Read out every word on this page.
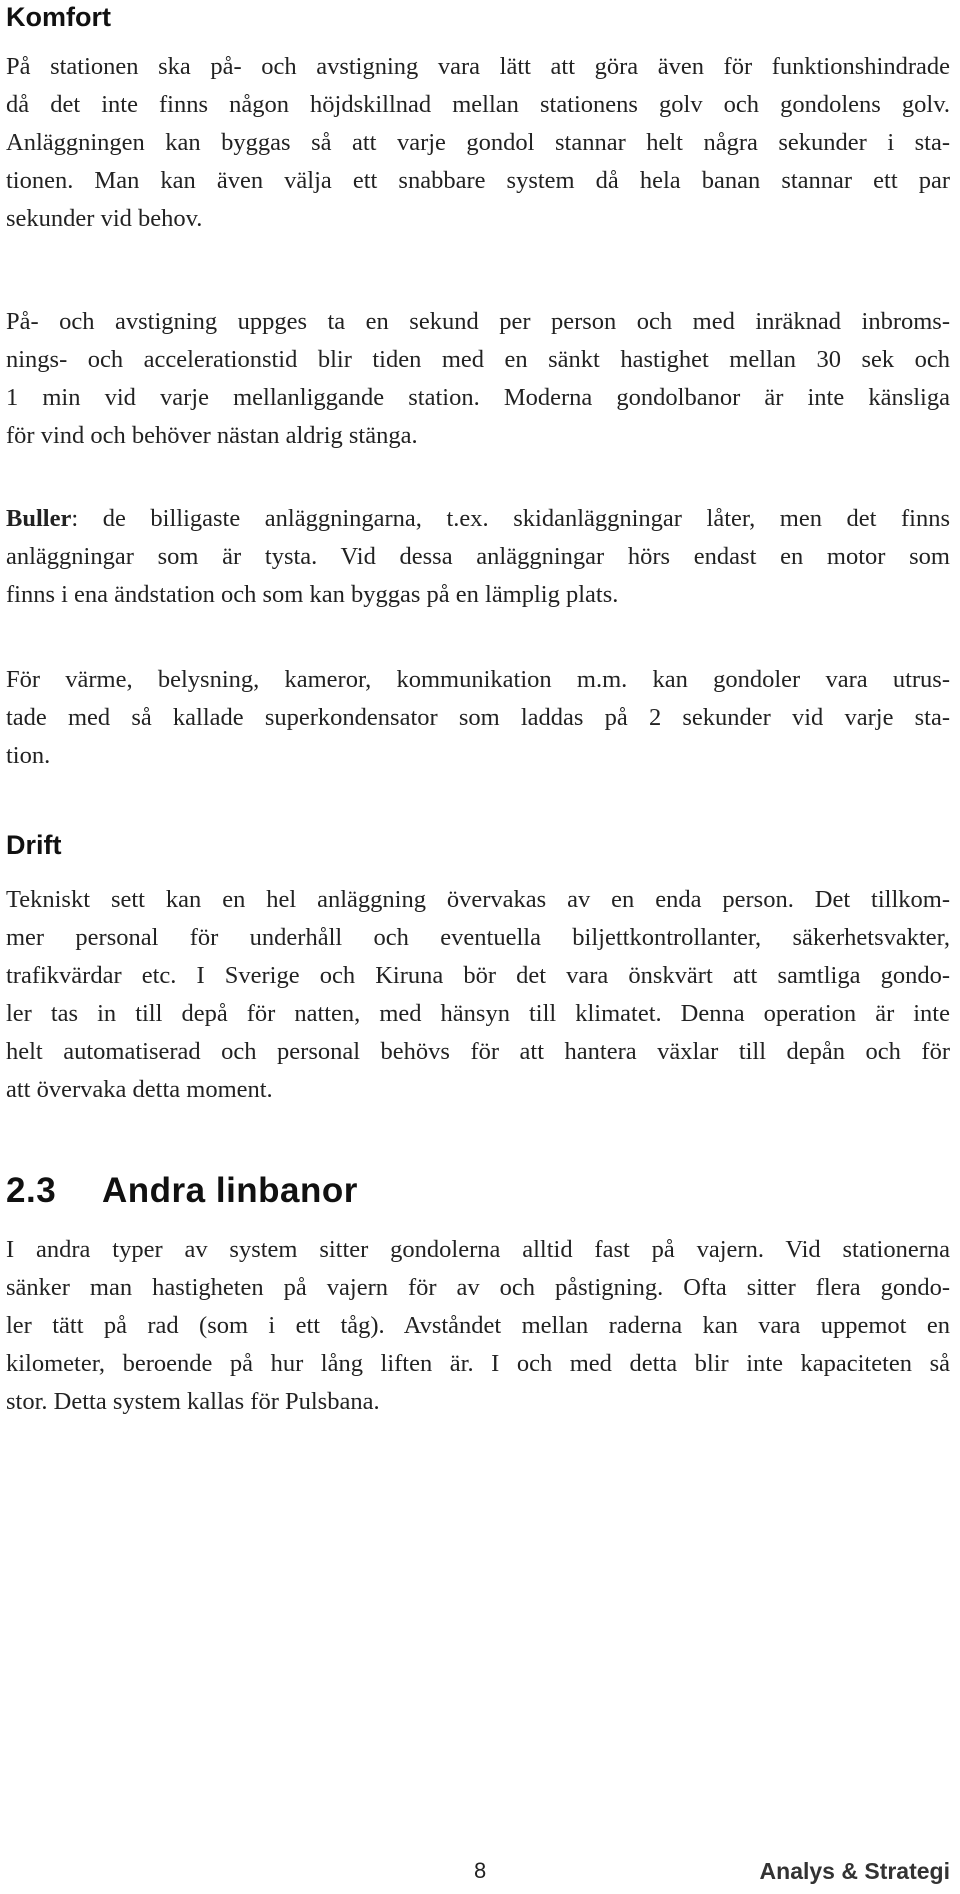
Komfort

På stationen ska på- och avstigning vara lätt att göra även för funktionshindrade
då det inte finns någon höjdskillnad mellan stationens golv och gondolens golv.
Anläggningen kan byggas så att varje gondol stannar helt några sekunder i sta-
tionen. Man kan även välja ett snabbare system då hela banan stannar ett par
sekunder vid behov.

På- och avstigning uppges ta en sekund per person och med inräknad inbroms-
nings- och accelerationstid blir tiden med en sänkt hastighet mellan 30 sek och
1 min vid varje mellanliggande station. Moderna gondolbanor är inte känsliga
för vind och behöver nästan aldrig stänga.

Buller: de billigaste anläggningarna, t.ex. skidanläggningar låter, men det finns
anläggningar som är tysta. Vid dessa anläggningar hörs endast en motor som
finns i ena ändstation och som kan byggas på en lämplig plats.

För värme, belysning, kameror, kommunikation m.m. kan gondoler vara utrus-
tade med så kallade superkondensator som laddas på 2 sekunder vid varje sta-
tion.

Drift

Tekniskt sett kan en hel anläggning övervakas av en enda person. Det tillkom-
mer personal för underhåll och eventuella biljettkontrollanter, säkerhetsvakter,
trafikvärdar etc. I Sverige och Kiruna bör det vara önskvärt att samtliga gondo-
ler tas in till depå för natten, med hänsyn till klimatet. Denna operation är inte
helt automatiserad och personal behövs för att hantera växlar till depån och för
att övervaka detta moment.

2.3 Andra linbanor

I andra typer av system sitter gondolerna alltid fast på vajern. Vid stationerna
sänker man hastigheten på vajern för av och påstigning. Ofta sitter flera gondo-
ler tätt på rad (som i ett tåg). Avståndet mellan raderna kan vara uppemot en
kilometer, beroende på hur lång liften är. I och med detta blir inte kapaciteten så
stor. Detta system kallas för Pulsbana.

8	Analys & Strategi
